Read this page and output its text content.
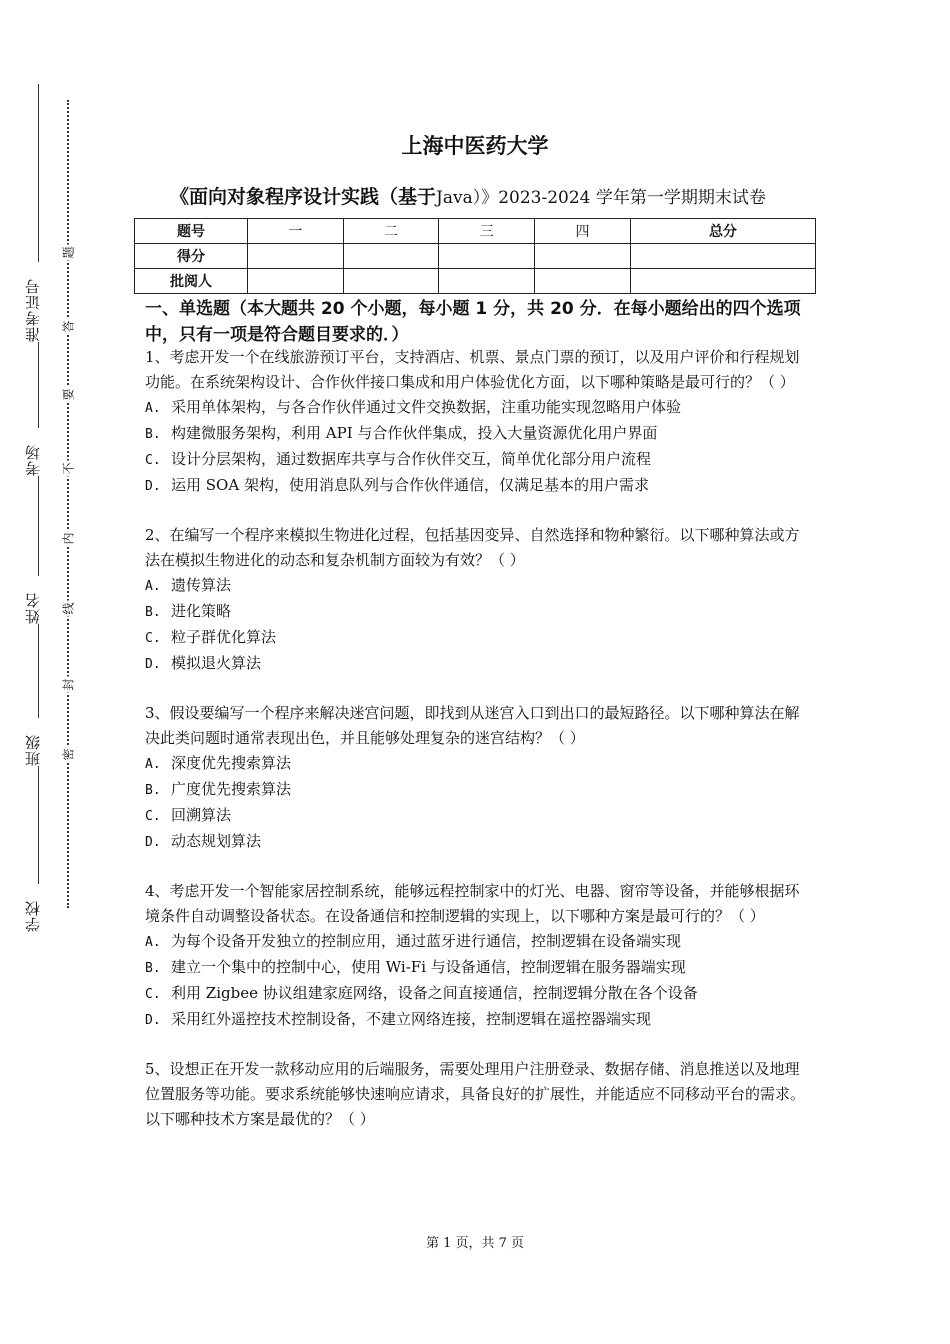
准考证号
考场
姓名
班级
学校
题
答
要
不
内
线
封
密
上海中医药大学
《面向对象程序设计实践（基于Java）》2023-2024 学年第一学期期末试卷
题号	一	二	三	四	总分
得分					
批阅人					
一、单选题（本大题共 20 个小题，每小题 1 分，共 20 分．在每小题给出的四个选项中，只有一项是符合题目要求的．）
1、考虑开发一个在线旅游预订平台，支持酒店、机票、景点门票的预订，以及用户评价和行程规划功能。在系统架构设计、合作伙伴接口集成和用户体验优化方面，以下哪种策略是最可行的？（ ）
A. 采用单体架构，与各合作伙伴通过文件交换数据，注重功能实现忽略用户体验
B. 构建微服务架构，利用 API 与合作伙伴集成，投入大量资源优化用户界面
C. 设计分层架构，通过数据库共享与合作伙伴交互，简单优化部分用户流程
D. 运用 SOA 架构，使用消息队列与合作伙伴通信，仅满足基本的用户需求
2、在编写一个程序来模拟生物进化过程，包括基因变异、自然选择和物种繁衍。以下哪种算法或方法在模拟生物进化的动态和复杂机制方面较为有效？（ ）
A. 遗传算法
B. 进化策略
C. 粒子群优化算法
D. 模拟退火算法
3、假设要编写一个程序来解决迷宫问题，即找到从迷宫入口到出口的最短路径。以下哪种算法在解决此类问题时通常表现出色，并且能够处理复杂的迷宫结构？（ ）
A. 深度优先搜索算法
B. 广度优先搜索算法
C. 回溯算法
D. 动态规划算法
4、考虑开发一个智能家居控制系统，能够远程控制家中的灯光、电器、窗帘等设备，并能够根据环境条件自动调整设备状态。在设备通信和控制逻辑的实现上，以下哪种方案是最可行的？（ ）
A. 为每个设备开发独立的控制应用，通过蓝牙进行通信，控制逻辑在设备端实现
B. 建立一个集中的控制中心，使用 Wi-Fi 与设备通信，控制逻辑在服务器端实现
C. 利用 Zigbee 协议组建家庭网络，设备之间直接通信，控制逻辑分散在各个设备
D. 采用红外遥控技术控制设备，不建立网络连接，控制逻辑在遥控器端实现
5、设想正在开发一款移动应用的后端服务，需要处理用户注册登录、数据存储、消息推送以及地理位置服务等功能。要求系统能够快速响应请求，具备良好的扩展性，并能适应不同移动平台的需求。以下哪种技术方案是最优的？（ ）
第 1 页，共 7 页
